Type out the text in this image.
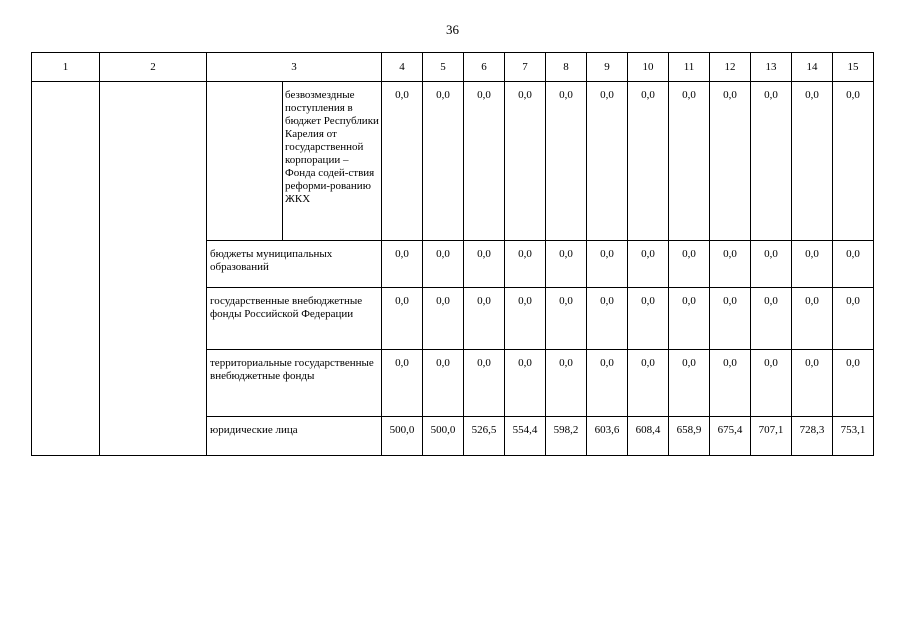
36
1	2	3		4	5	6	7	8	9	10	11	12	13	14	15
			безвозмездные поступления в бюджет Республики Карелия от государственной корпорации – Фонда содей-ствия реформи-рованию ЖКХ	0,0	0,0	0,0	0,0	0,0	0,0	0,0	0,0	0,0	0,0	0,0	0,0
		бюджеты муниципальных образований		0,0	0,0	0,0	0,0	0,0	0,0	0,0	0,0	0,0	0,0	0,0	0,0
		государственные внебюджетные фонды Российской Федерации		0,0	0,0	0,0	0,0	0,0	0,0	0,0	0,0	0,0	0,0	0,0	0,0
		территориальные государственные внебюджетные фонды		0,0	0,0	0,0	0,0	0,0	0,0	0,0	0,0	0,0	0,0	0,0	0,0
		юридические лица		500,0	500,0	526,5	554,4	598,2	603,6	608,4	658,9	675,4	707,1	728,3	753,1
